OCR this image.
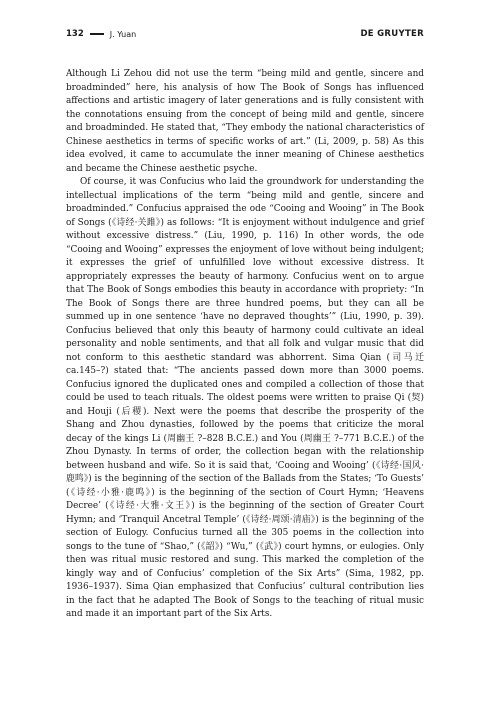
132	J. Yuan	DE GRUYTER

Although Li Zehou did not use the term “being mild and gentle, sincere and broadminded” here, his analysis of how The Book of Songs has influenced affections and artistic imagery of later generations and is fully consistent with the connotations ensuing from the concept of being mild and gentle, sincere and broadminded. He stated that, “They embody the national characteristics of Chinese aesthetics in terms of specific works of art.” (Li, 2009, p. 58) As this idea evolved, it came to accumulate the inner meaning of Chinese aesthetics and became the Chinese aesthetic psyche.

Of course, it was Confucius who laid the groundwork for understanding the intellectual implications of the term “being mild and gentle, sincere and broadminded.” Confucius appraised the ode “Cooing and Wooing” in The Book of Songs (《诗经·关雎》) as follows: “It is enjoyment without indulgence and grief without excessive distress.” (Liu, 1990, p. 116) In other words, the ode “Cooing and Wooing” expresses the enjoyment of love without being indulgent; it expresses the grief of unfulfilled love without excessive distress. It appropriately expresses the beauty of harmony. Confucius went on to argue that The Book of Songs embodies this beauty in accordance with propriety: “In The Book of Songs there are three hundred poems, but they can all be summed up in one sentence ‘have no depraved thoughts’” (Liu, 1990, p. 39). Confucius believed that only this beauty of harmony could cultivate an ideal personality and noble sentiments, and that all folk and vulgar music that did not conform to this aesthetic standard was abhorrent. Sima Qian (司马迁 ca.145–?) stated that: “The ancients passed down more than 3000 poems. Confucius ignored the duplicated ones and compiled a collection of those that could be used to teach rituals. The oldest poems were written to praise Qi (契) and Houji (后稷). Next were the poems that describe the prosperity of the Shang and Zhou dynasties, followed by the poems that criticize the moral decay of the kings Li (周幽王 ?–828 B.C.E.) and You (周幽王 ?–771 B.C.E.) of the Zhou Dynasty. In terms of order, the collection began with the relationship between husband and wife. So it is said that, ‘Cooing and Wooing’ (《诗经·国风·鹿鸣》) is the beginning of the section of the Ballads from the States; ‘To Guests’ (《诗经·小雅·鹿鸣》) is the beginning of the section of Court Hymn; ‘Heavens Decree’ (《诗经·大雅·文王》) is the beginning of the section of Greater Court Hymn; and ‘Tranquil Ancetral Temple’ (《诗经·周颂·清庙》) is the beginning of the section of Eulogy. Confucius turned all the 305 poems in the collection into songs to the tune of “Shao,” (《韶》) “Wu,” (《武》) court hymns, or eulogies. Only then was ritual music restored and sung. This marked the completion of the kingly way and of Confucius’ completion of the Six Arts” (Sima, 1982, pp. 1936–1937). Sima Qian emphasized that Confucius’ cultural contribution lies in the fact that he adapted The Book of Songs to the teaching of ritual music and made it an important part of the Six Arts.
